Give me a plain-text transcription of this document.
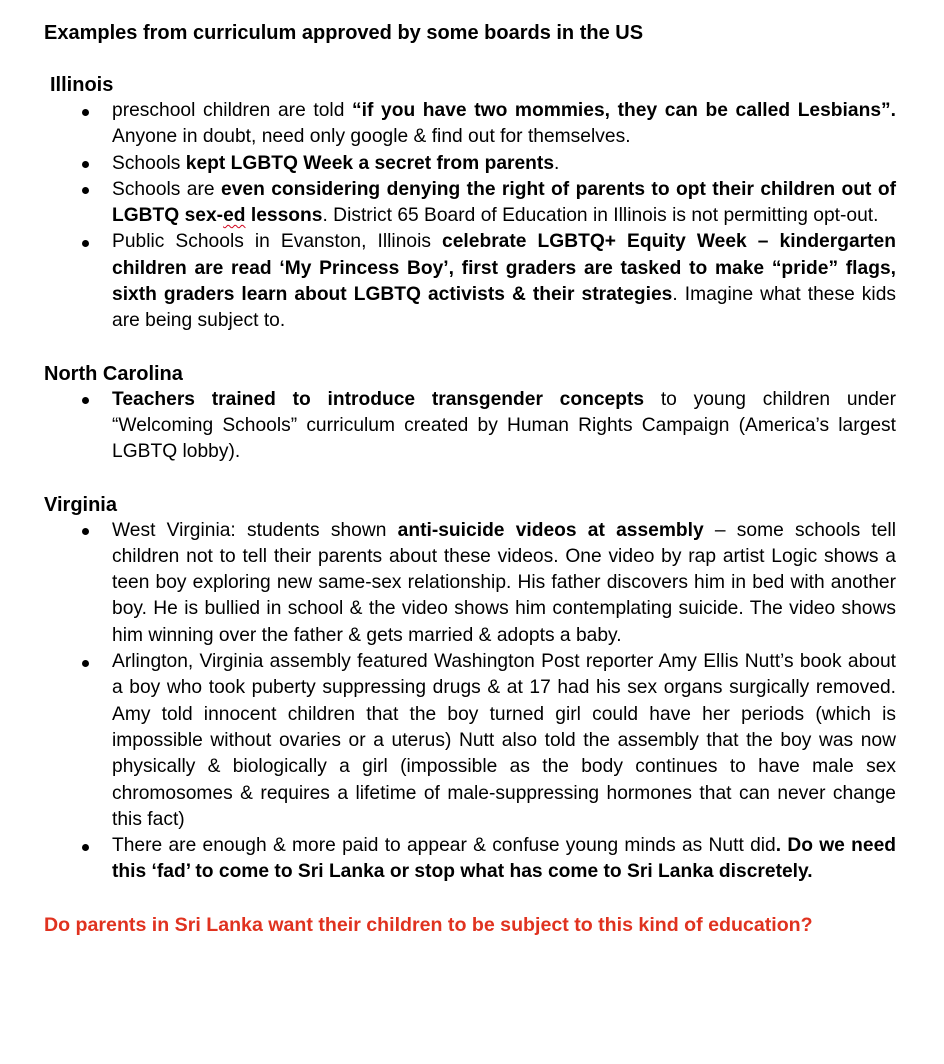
Examples from curriculum approved by some boards in the US
Illinois
preschool children are told “if you have two mommies, they can be called Lesbians”. Anyone in doubt, need only google & find out for themselves.
Schools kept LGBTQ Week a secret from parents.
Schools are even considering denying the right of parents to opt their children out of LGBTQ sex-ed lessons. District 65 Board of Education in Illinois is not permitting opt-out.
Public Schools in Evanston, Illinois celebrate LGBTQ+ Equity Week – kindergarten children are read ‘My Princess Boy’, first graders are tasked to make “pride” flags, sixth graders learn about LGBTQ activists & their strategies. Imagine what these kids are being subject to.
North Carolina
Teachers trained to introduce transgender concepts to young children under “Welcoming Schools” curriculum created by Human Rights Campaign (America’s largest LGBTQ lobby).
Virginia
West Virginia: students shown anti-suicide videos at assembly – some schools tell children not to tell their parents about these videos. One video by rap artist Logic shows a teen boy exploring new same-sex relationship. His father discovers him in bed with another boy. He is bullied in school & the video shows him contemplating suicide. The video shows him winning over the father & gets married & adopts a baby.
Arlington, Virginia assembly featured Washington Post reporter Amy Ellis Nutt’s book about a boy who took puberty suppressing drugs & at 17 had his sex organs surgically removed. Amy told innocent children that the boy turned girl could have her periods (which is impossible without ovaries or a uterus) Nutt also told the assembly that the boy was now physically & biologically a girl (impossible as the body continues to have male sex chromosomes & requires a lifetime of male-suppressing hormones that can never change this fact)
There are enough & more paid to appear & confuse young minds as Nutt did. Do we need this ‘fad’ to come to Sri Lanka or stop what has come to Sri Lanka discretely.
Do parents in Sri Lanka want their children to be subject to this kind of education?
